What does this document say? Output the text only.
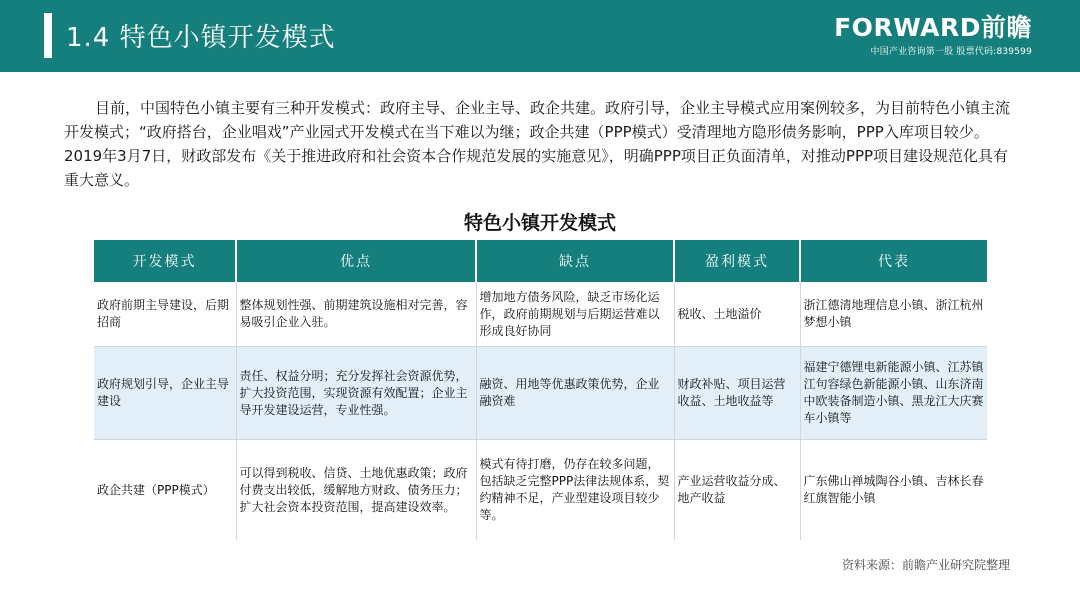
1.4 特色小镇开发模式	FORWARD前瞻
中国产业咨询第一股 股票代码:839599
目前，中国特色小镇主要有三种开发模式：政府主导、企业主导、政企共建。政府引导，企业主导模式应用案例较多，为目前特色小镇主流开发模式；“政府搭台，企业唱戏”产业园式开发模式在当下难以为继；政企共建（PPP模式）受清理地方隐形债务影响，PPP入库项目较少。2019年3月7日，财政部发布《关于推进政府和社会资本合作规范发展的实施意见》，明确PPP项目正负面清单，对推动PPP项目建设规范化具有重大意义。
特色小镇开发模式
开发模式	优点	缺点	盈利模式	代表
政府前期主导建设，后期招商	整体规划性强、前期建筑设施相对完善，容易吸引企业入驻。	增加地方债务风险，缺乏市场化运作，政府前期规划与后期运营难以形成良好协同	税收、土地溢价	浙江德清地理信息小镇、浙江杭州梦想小镇
政府规划引导，企业主导建设	责任、权益分明；充分发挥社会资源优势，扩大投资范围，实现资源有效配置；企业主导开发建设运营，专业性强。	融资、用地等优惠政策优势，企业融资难	财政补贴、项目运营收益、土地收益等	福建宁德锂电新能源小镇、江苏镇江句容绿色新能源小镇、山东济南中欧装备制造小镇、黑龙江大庆赛车小镇等
政企共建（PPP模式）	可以得到税收、信贷、土地优惠政策；政府付费支出较低，缓解地方财政、债务压力；扩大社会资本投资范围，提高建设效率。	模式有待打磨，仍存在较多问题，包括缺乏完整PPP法律法规体系，契约精神不足，产业型建设项目较少等。	产业运营收益分成、地产收益	广东佛山禅城陶谷小镇、吉林长春红旗智能小镇
资料来源：前瞻产业研究院整理
